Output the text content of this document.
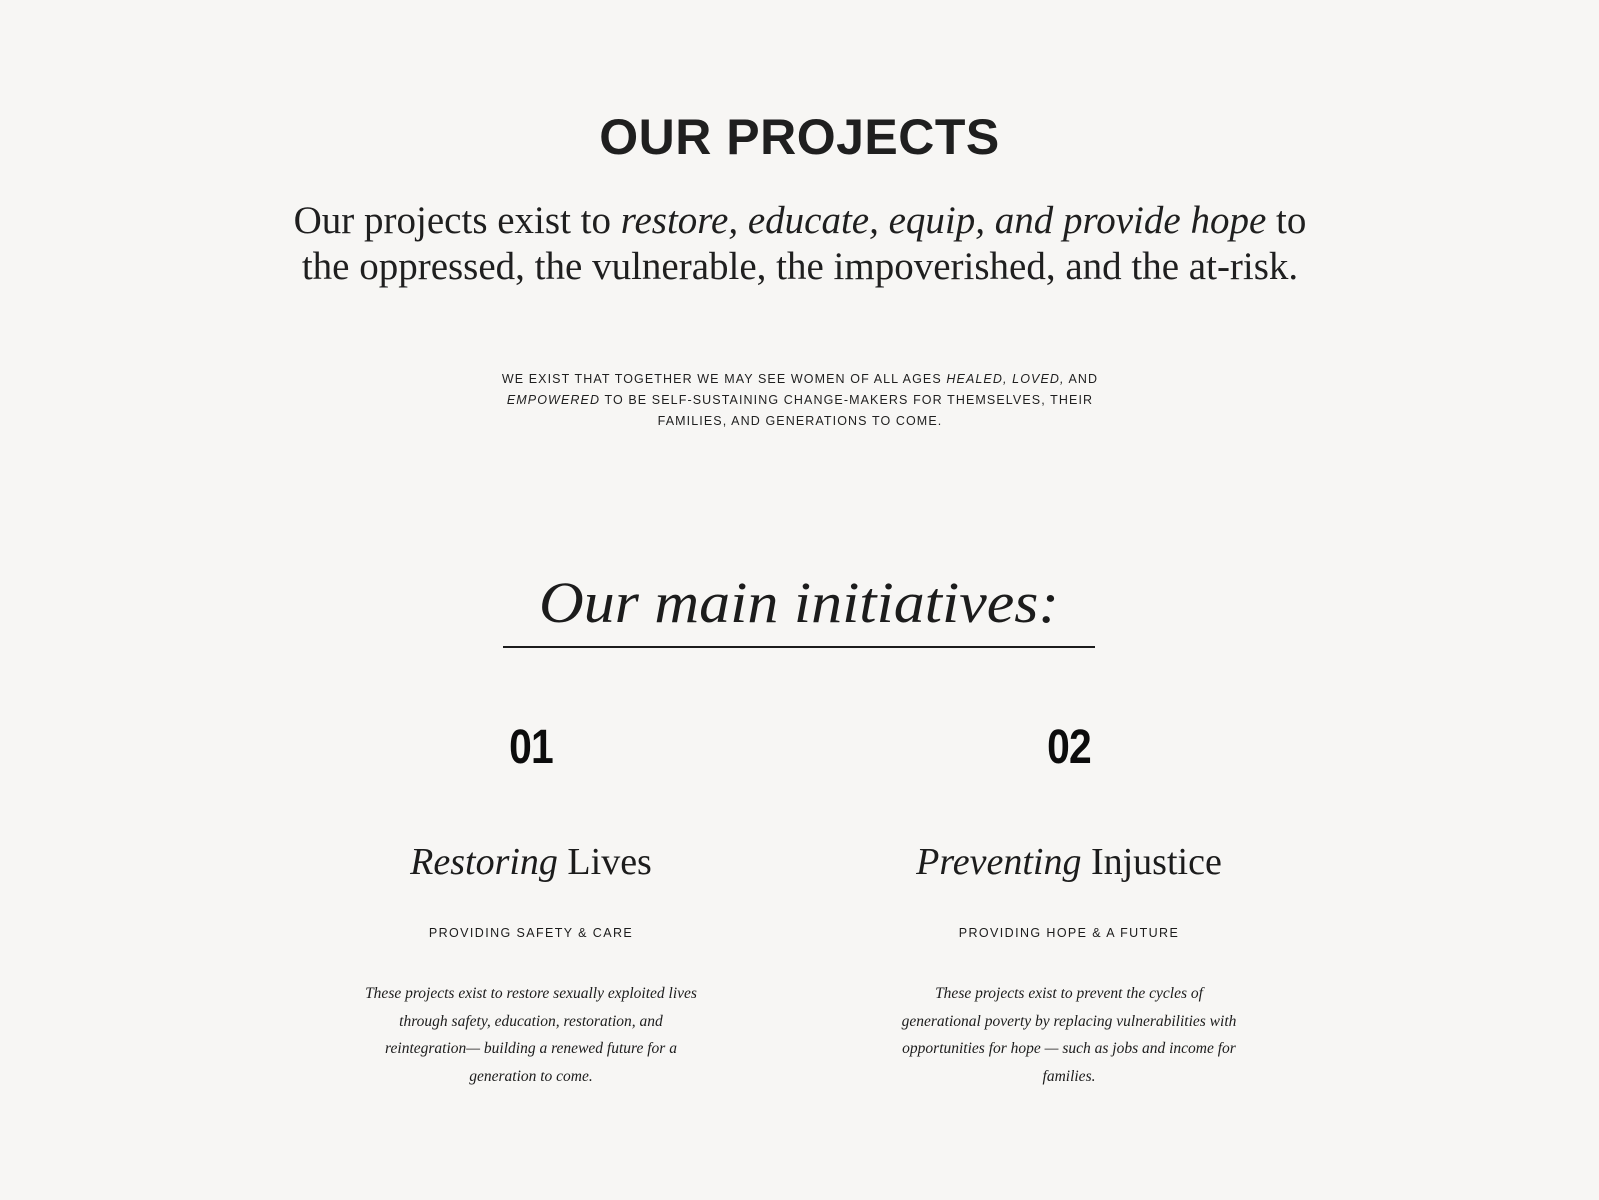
OUR PROJECTS

Our projects exist to restore, educate, equip, and provide hope to the oppressed, the vulnerable, the impoverished, and the at-risk.

WE EXIST THAT TOGETHER WE MAY SEE WOMEN OF ALL AGES HEALED, LOVED, AND EMPOWERED TO BE SELF-SUSTAINING CHANGE-MAKERS FOR THEMSELVES, THEIR FAMILIES, AND GENERATIONS TO COME.

Our main initiatives:
01
Restoring Lives
PROVIDING SAFETY & CARE

These projects exist to restore sexually exploited lives through safety, education, restoration, and reintegration— building a renewed future for a generation to come.

02
Preventing Injustice
PROVIDING HOPE & A FUTURE

These projects exist to prevent the cycles of generational poverty by replacing vulnerabilities with opportunities for hope — such as jobs and income for families.
